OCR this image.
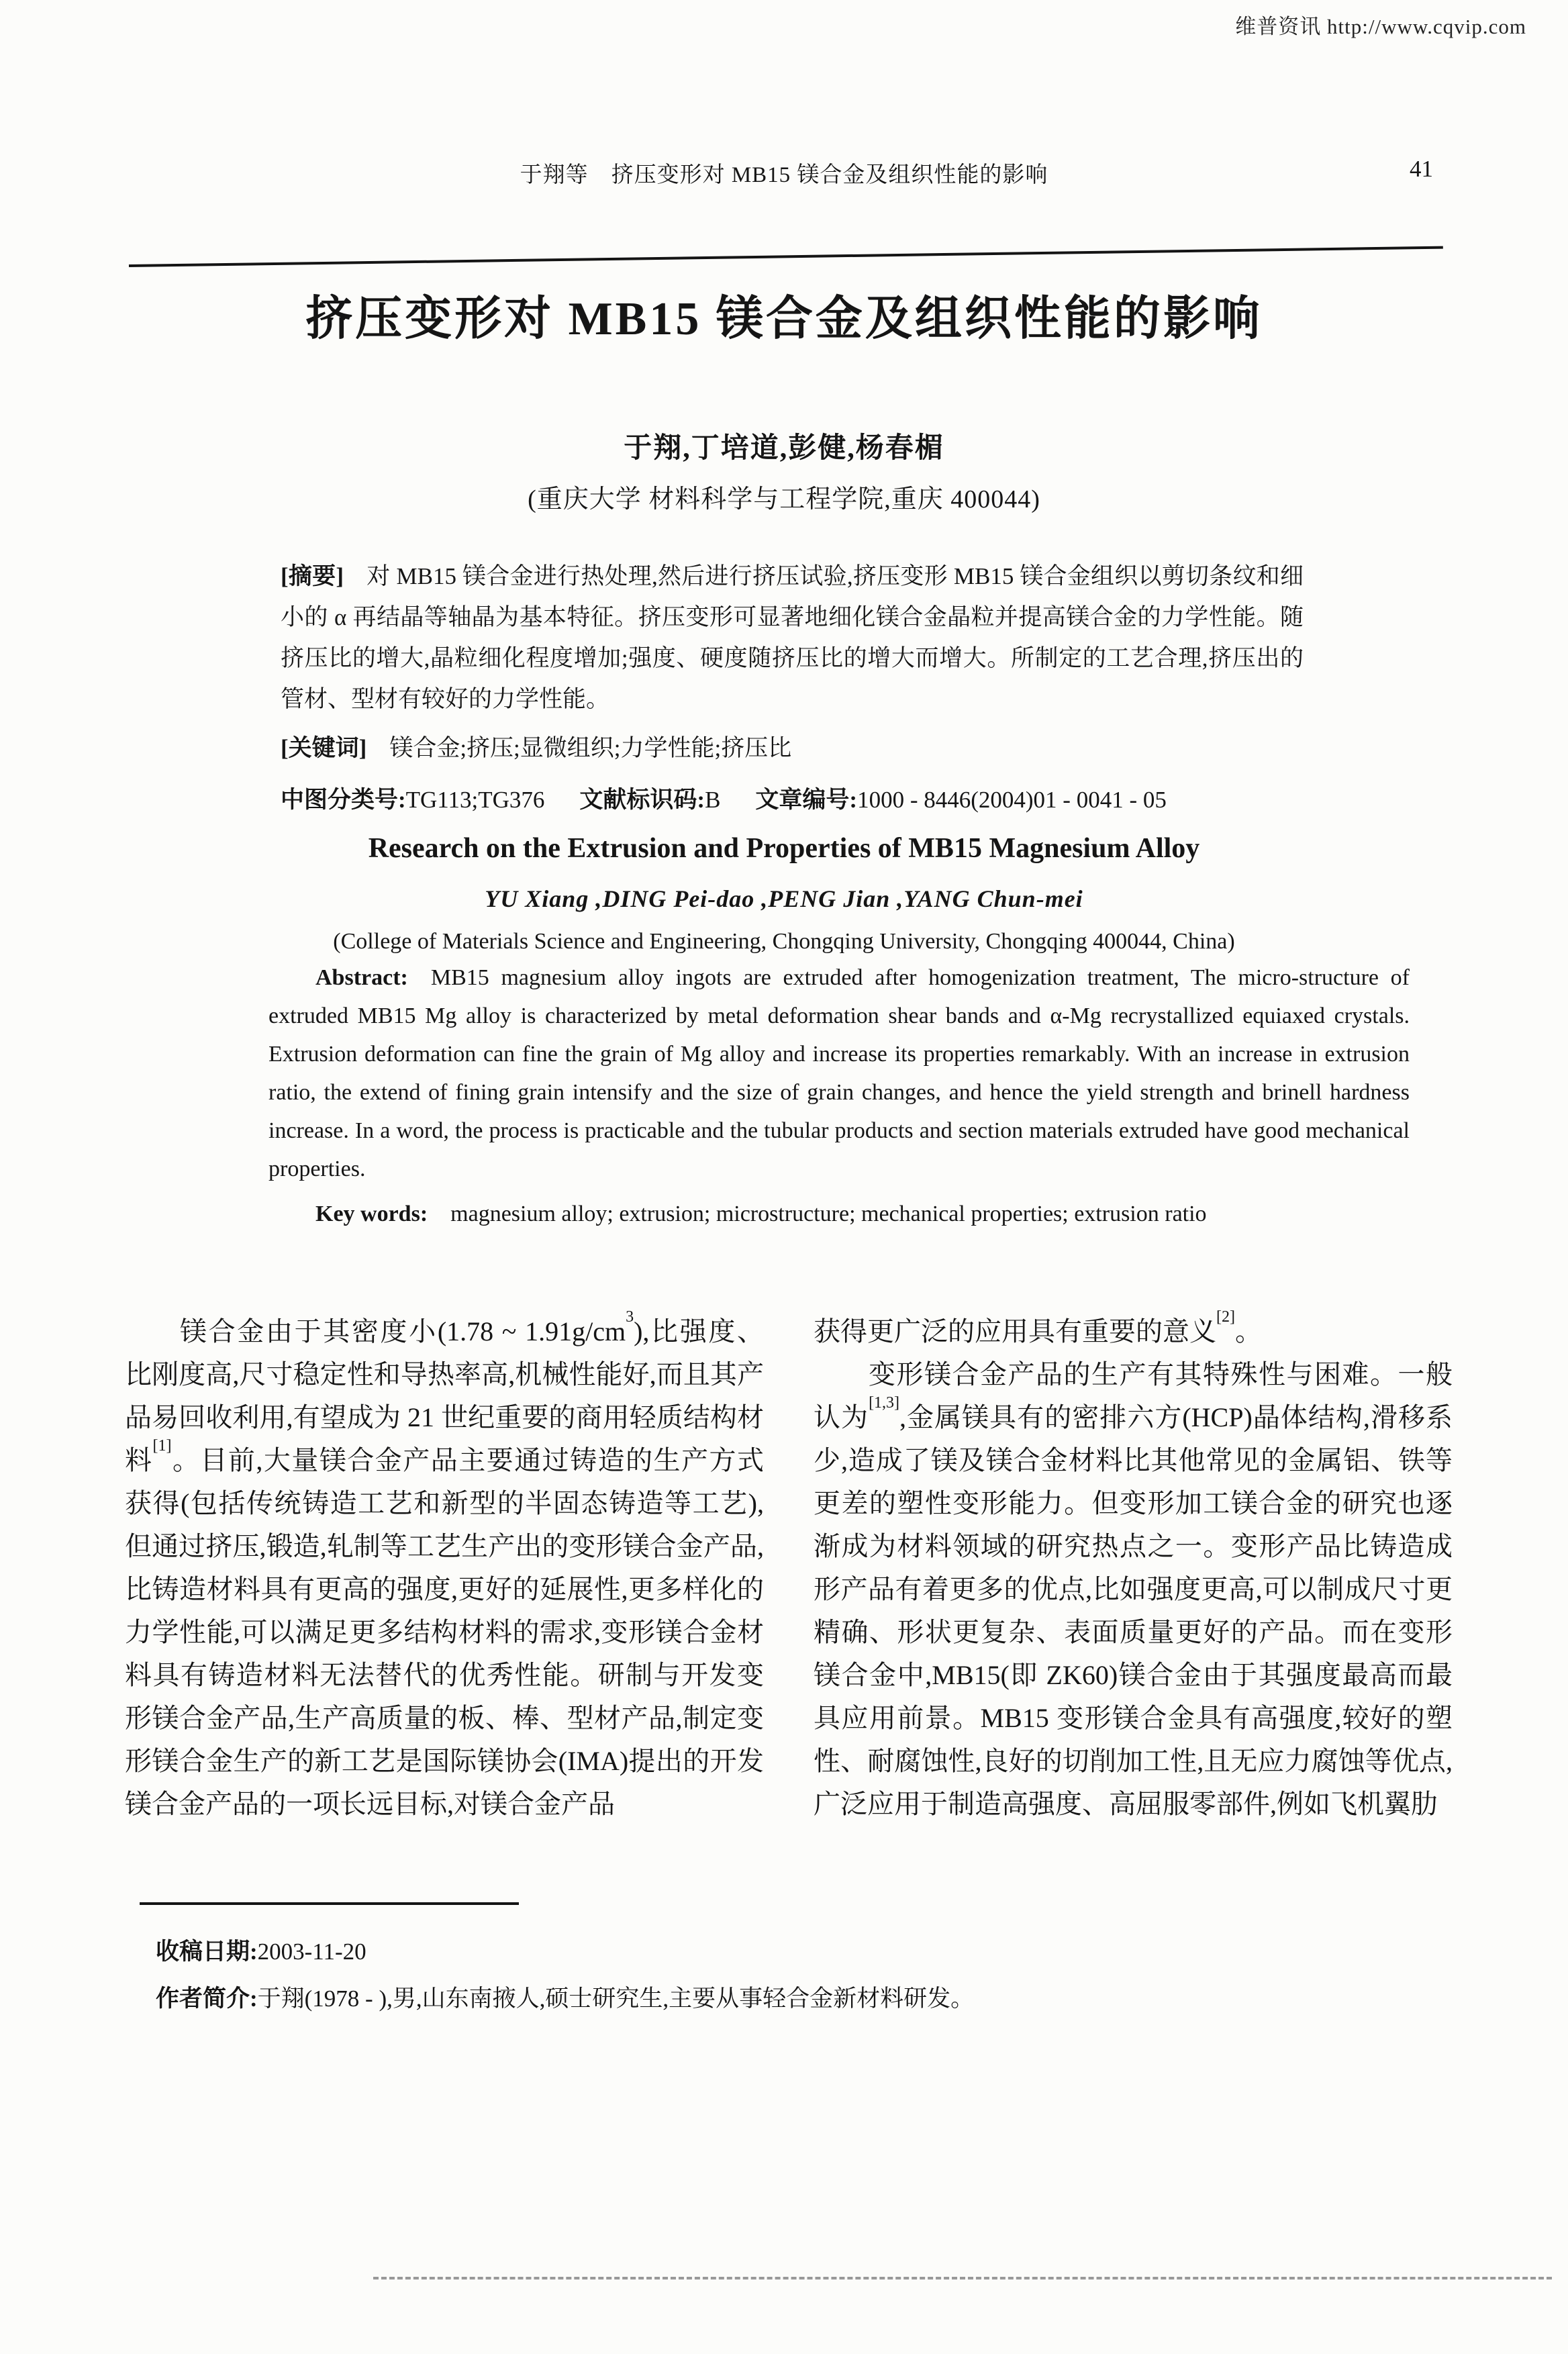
维普资讯 http://www.cqvip.com
于翔等　挤压变形对 MB15 镁合金及组织性能的影响	41
挤压变形对 MB15 镁合金及组织性能的影响
于翔,丁培道,彭健,杨春楣
(重庆大学 材料科学与工程学院,重庆 400044)

[摘要] 对 MB15 镁合金进行热处理,然后进行挤压试验,挤压变形 MB15 镁合金组织以剪切条纹和细小的 α 再结晶等轴晶为基本特征。挤压变形可显著地细化镁合金晶粒并提高镁合金的力学性能。随挤压比的增大,晶粒细化程度增加;强度、硬度随挤压比的增大而增大。所制定的工艺合理,挤压出的管材、型材有较好的力学性能。

[关键词] 镁合金;挤压;显微组织;力学性能;挤压比

中图分类号:TG113;TG376 文献标识码:B 文章编号:1000 - 8446(2004)01 - 0041 - 05

Research on the Extrusion and Properties of MB15 Magnesium Alloy
YU Xiang ,DING Pei-dao ,PENG Jian ,YANG Chun-mei
(College of Materials Science and Engineering, Chongqing University, Chongqing 400044, China)

Abstract: MB15 magnesium alloy ingots are extruded after homogenization treatment, The micro-structure of extruded MB15 Mg alloy is characterized by metal deformation shear bands and α-Mg recrystallized equiaxed crystals. Extrusion deformation can fine the grain of Mg alloy and increase its properties remarkably. With an increase in extrusion ratio, the extend of fining grain intensify and the size of grain changes, and hence the yield strength and brinell hardness increase. In a word, the process is practicable and the tubular products and section materials extruded have good mechanical properties.

Key words: magnesium alloy; extrusion; microstructure; mechanical properties; extrusion ratio

镁合金由于其密度小(1.78 ~ $1.91g/cm^3$),比强度、比刚度高,尺寸稳定性和导热率高,机械性能好,而且其产品易回收利用,有望成为 21 世纪重要的商用轻质结构材料[1]。目前,大量镁合金产品主要通过铸造的生产方式获得(包括传统铸造工艺和新型的半固态铸造等工艺),但通过挤压,锻造,轧制等工艺生产出的变形镁合金产品,比铸造材料具有更高的强度,更好的延展性,更多样化的力学性能,可以满足更多结构材料的需求,变形镁合金材料具有铸造材料无法替代的优秀性能。研制与开发变形镁合金产品,生产高质量的板、棒、型材产品,制定变形镁合金生产的新工艺是国际镁协会(IMA)提出的开发镁合金产品的一项长远目标,对镁合金产品

获得更广泛的应用具有重要的意义[2]。

变形镁合金产品的生产有其特殊性与困难。一般认为[1,3],金属镁具有的密排六方(HCP)晶体结构,滑移系少,造成了镁及镁合金材料比其他常见的金属铝、铁等更差的塑性变形能力。但变形加工镁合金的研究也逐渐成为材料领域的研究热点之一。变形产品比铸造成形产品有着更多的优点,比如强度更高,可以制成尺寸更精确、形状更复杂、表面质量更好的产品。而在变形镁合金中,MB15(即 ZK60)镁合金由于其强度最高而最具应用前景。MB15 变形镁合金具有高强度,较好的塑性、耐腐蚀性,良好的切削加工性,且无应力腐蚀等优点,广泛应用于制造高强度、高屈服零部件,例如飞机翼肋

收稿日期:2003-11-20
作者简介:于翔(1978 - ),男,山东南掖人,硕士研究生,主要从事轻合金新材料研发。
